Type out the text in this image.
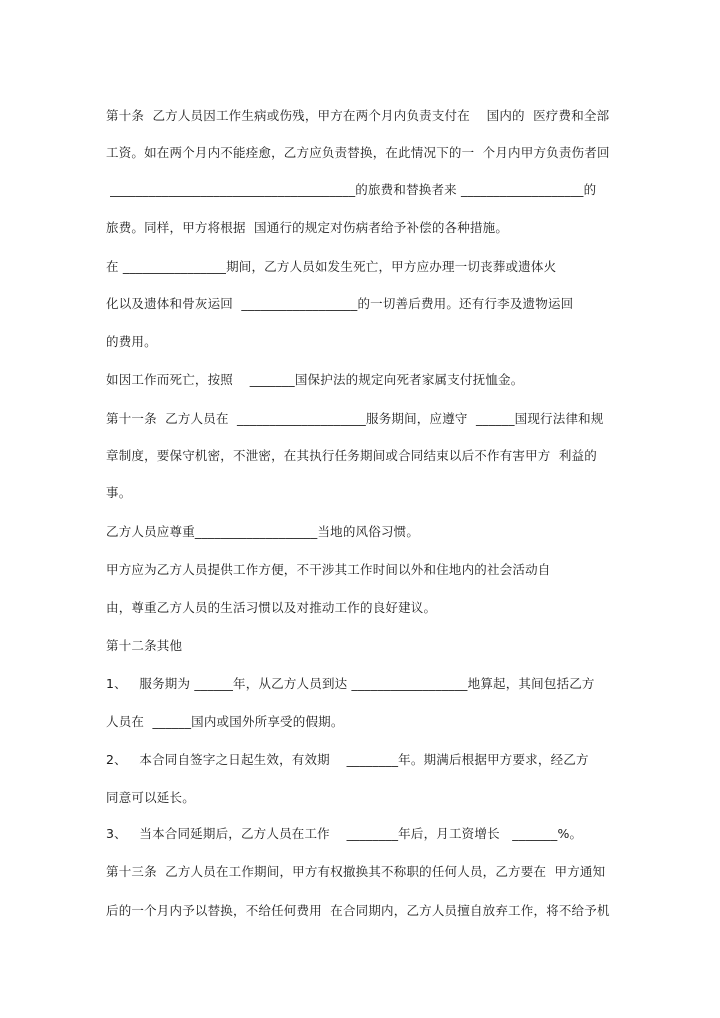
第十条  乙方人员因工作生病或伤残，甲方在两个月内负责支付在    国内的  医疗费和全部
工资。如在两个月内不能痊愈，乙方应负责替换，在此情况下的一  个月内甲方负责伤者回
______________________________________的旅费和替换者来 ___________________的
旅费。同样，甲方将根据  国通行的规定对伤病者给予补偿的各种措施。
在 ________________期间，乙方人员如发生死亡，甲方应办理一切丧葬或遗体火
化以及遗体和骨灰运回  __________________的一切善后费用。还有行李及遗物运回
的费用。
如因工作而死亡，按照    _______国保护法的规定向死者家属支付抚恤金。
第十一条  乙方人员在  ____________________服务期间，应遵守  ______国现行法律和规
章制度，要保守机密，不泄密，在其执行任务期间或合同结束以后不作有害甲方  利益的
事。
乙方人员应尊重___________________当地的风俗习惯。
甲方应为乙方人员提供工作方便，不干涉其工作时间以外和住地内的社会活动自
由，尊重乙方人员的生活习惯以及对推动工作的良好建议。
第十二条其他
1、   服务期为 ______年，从乙方人员到达 __________________地算起，其间包括乙方
人员在  ______国内或国外所享受的假期。
2、   本合同自签字之日起生效，有效期    ________年。期满后根据甲方要求，经乙方
同意可以延长。
3、   当本合同延期后，乙方人员在工作    ________年后，月工资增长   _______%。
第十三条  乙方人员在工作期间，甲方有权撤换其不称职的任何人员，乙方要在  甲方通知
后的一个月内予以替换，不给任何费用  在合同期内，乙方人员擅自放弃工作，将不给予机
